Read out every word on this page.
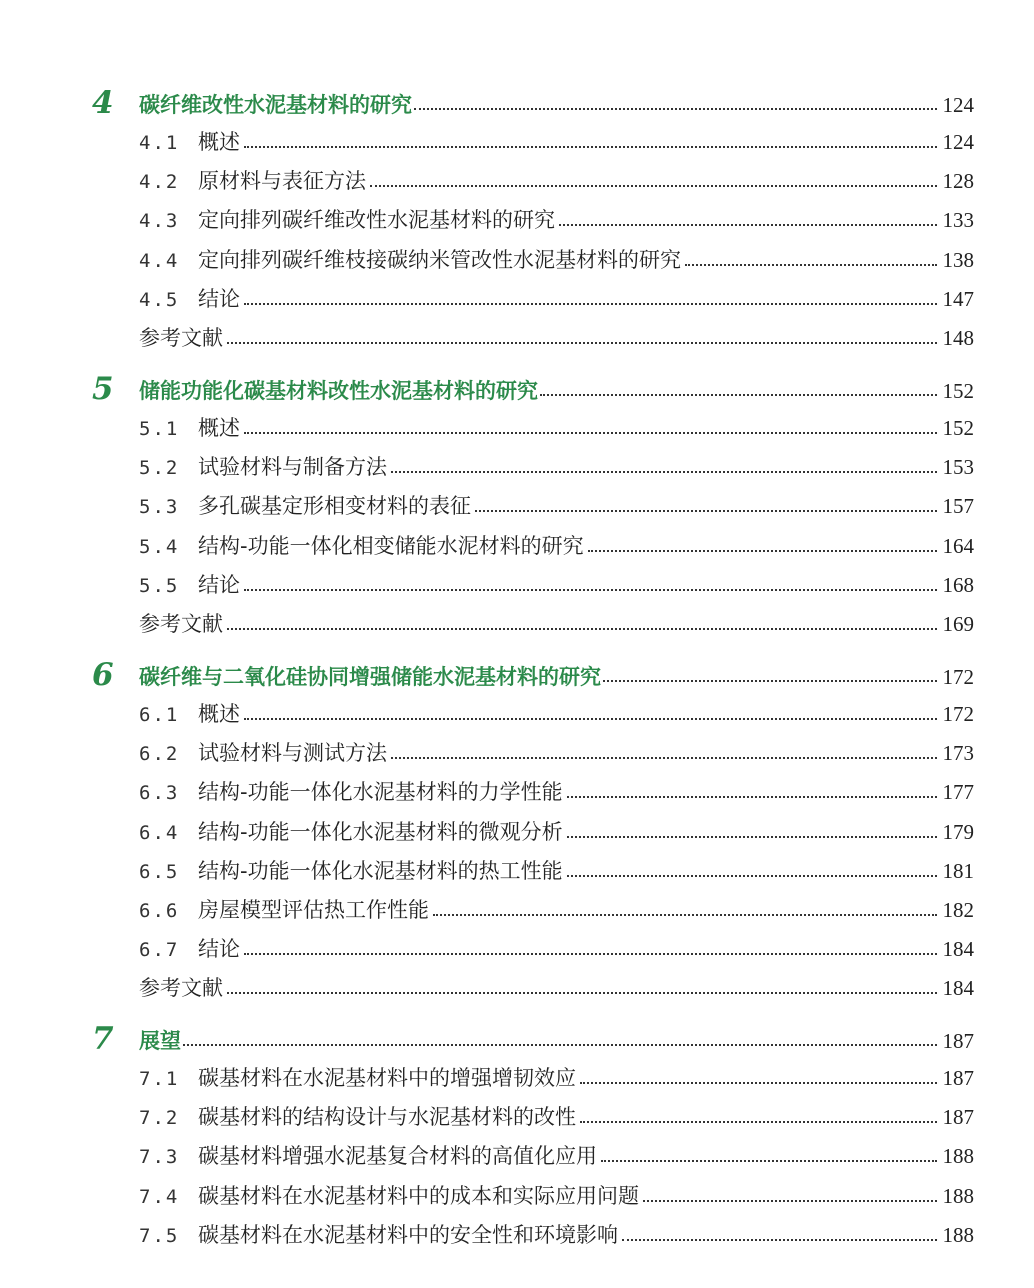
4 碳纤维改性水泥基材料的研究	124
4.1 概述	124
4.2 原材料与表征方法	128
4.3 定向排列碳纤维改性水泥基材料的研究	133
4.4 定向排列碳纤维枝接碳纳米管改性水泥基材料的研究	138
4.5 结论	147
参考文献	148
5 储能功能化碳基材料改性水泥基材料的研究	152
5.1 概述	152
5.2 试验材料与制备方法	153
5.3 多孔碳基定形相变材料的表征	157
5.4 结构-功能一体化相变储能水泥材料的研究	164
5.5 结论	168
参考文献	169
6 碳纤维与二氧化硅协同增强储能水泥基材料的研究	172
6.1 概述	172
6.2 试验材料与测试方法	173
6.3 结构-功能一体化水泥基材料的力学性能	177
6.4 结构-功能一体化水泥基材料的微观分析	179
6.5 结构-功能一体化水泥基材料的热工性能	181
6.6 房屋模型评估热工作性能	182
6.7 结论	184
参考文献	184
7 展望	187
7.1 碳基材料在水泥基材料中的增强增韧效应	187
7.2 碳基材料的结构设计与水泥基材料的改性	187
7.3 碳基材料增强水泥基复合材料的高值化应用	188
7.4 碳基材料在水泥基材料中的成本和实际应用问题	188
7.5 碳基材料在水泥基材料中的安全性和环境影响	188
